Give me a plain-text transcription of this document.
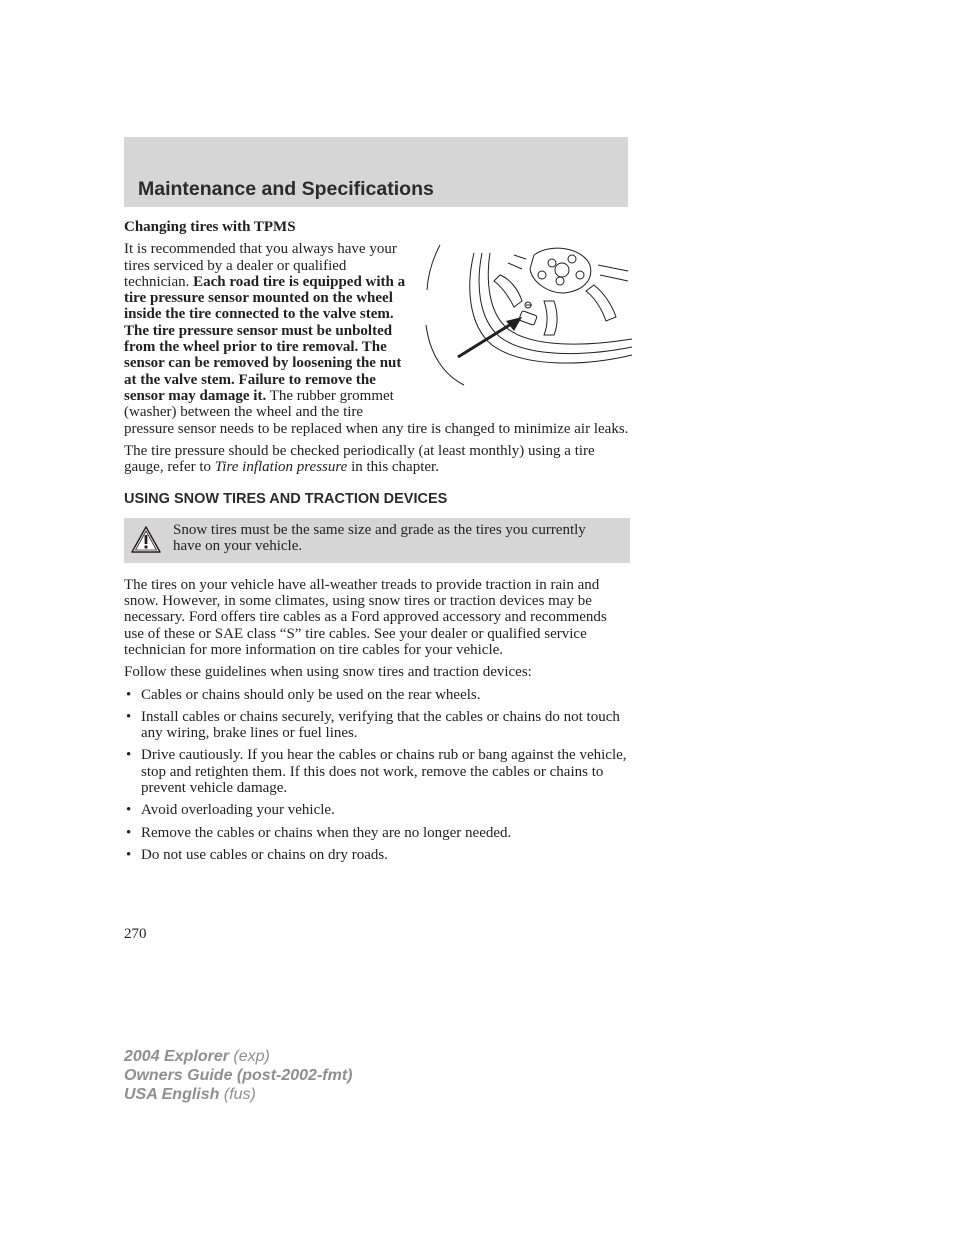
Maintenance and Specifications

Changing tires with TPMS

It is recommended that you always have your tires serviced by a dealer or qualified technician. Each road tire is equipped with a tire pressure sensor mounted on the wheel inside the tire connected to the valve stem. The tire pressure sensor must be unbolted from the wheel prior to tire removal. The sensor can be removed by loosening the nut at the valve stem. Failure to remove the sensor may damage it. The rubber grommet (washer) between the wheel and the tire pressure sensor needs to be replaced when any tire is changed to minimize air leaks.

The tire pressure should be checked periodically (at least monthly) using a tire gauge, refer to Tire inflation pressure in this chapter.

USING SNOW TIRES AND TRACTION DEVICES

Snow tires must be the same size and grade as the tires you currently have on your vehicle.

The tires on your vehicle have all-weather treads to provide traction in rain and snow. However, in some climates, using snow tires or traction devices may be necessary. Ford offers tire cables as a Ford approved accessory and recommends use of these or SAE class “S” tire cables. See your dealer or qualified service technician for more information on tire cables for your vehicle.

Follow these guidelines when using snow tires and traction devices:

• Cables or chains should only be used on the rear wheels.
• Install cables or chains securely, verifying that the cables or chains do not touch any wiring, brake lines or fuel lines.
• Drive cautiously. If you hear the cables or chains rub or bang against the vehicle, stop and retighten them. If this does not work, remove the cables or chains to prevent vehicle damage.
• Avoid overloading your vehicle.
• Remove the cables or chains when they are no longer needed.
• Do not use cables or chains on dry roads.
270
2004 Explorer (exp)
Owners Guide (post-2002-fmt)
USA English (fus)
